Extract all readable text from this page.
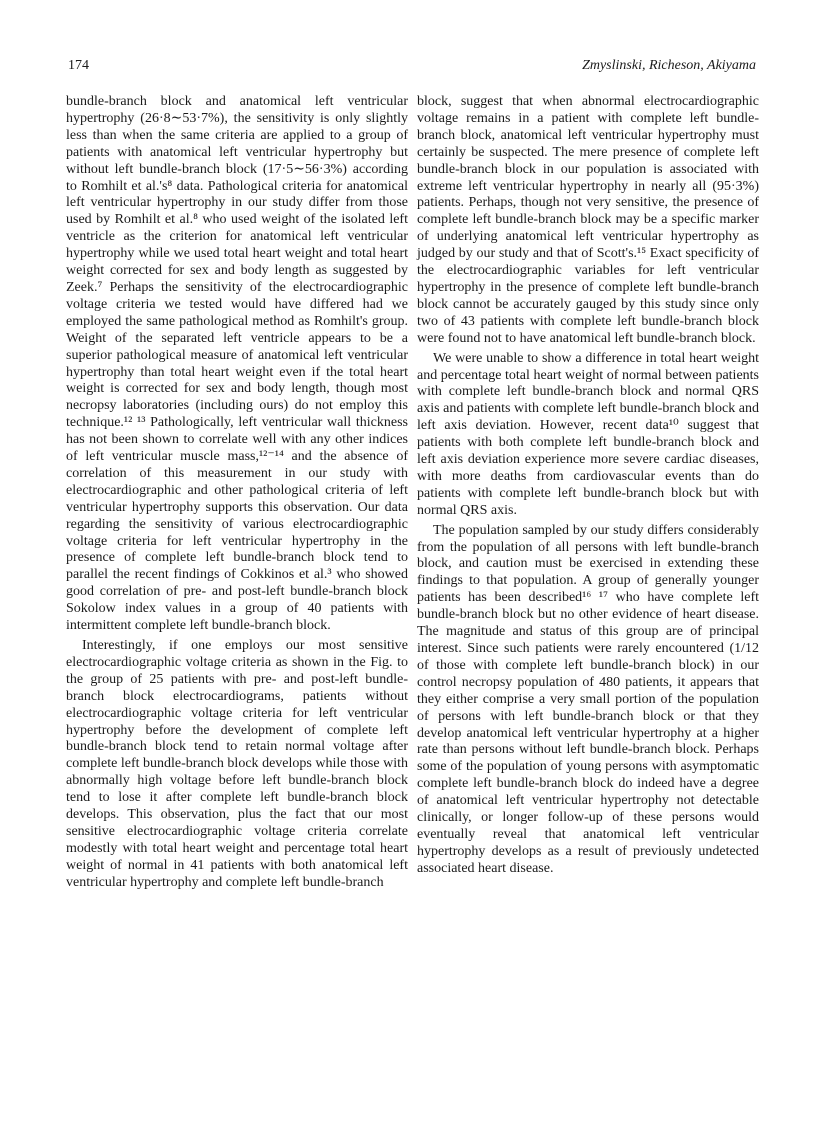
174	Zmyslinski, Richeson, Akiyama

bundle-branch block and anatomical left ventricular hypertrophy (26·8∼53·7%), the sensitivity is only slightly less than when the same criteria are applied to a group of patients with anatomical left ventricular hypertrophy but without left bundle-branch block (17·5∼56·3%) according to Romhilt et al.'s⁸ data. Pathological criteria for anatomical left ventricular hypertrophy in our study differ from those used by Romhilt et al.⁸ who used weight of the isolated left ventricle as the criterion for anatomical left ventricular hypertrophy while we used total heart weight and total heart weight corrected for sex and body length as suggested by Zeek.⁷ Perhaps the sensitivity of the electrocardiographic voltage criteria we tested would have differed had we employed the same pathological method as Romhilt's group. Weight of the separated left ventricle appears to be a superior pathological measure of anatomical left ventricular hypertrophy than total heart weight even if the total heart weight is corrected for sex and body length, though most necropsy laboratories (including ours) do not employ this technique.¹² ¹³ Pathologically, left ventricular wall thickness has not been shown to correlate well with any other indices of left ventricular muscle mass,¹²⁻¹⁴ and the absence of correlation of this measurement in our study with electrocardiographic and other pathological criteria of left ventricular hypertrophy supports this observation. Our data regarding the sensitivity of various electrocardiographic voltage criteria for left ventricular hypertrophy in the presence of complete left bundle-branch block tend to parallel the recent findings of Cokkinos et al.³ who showed good correlation of pre- and post-left bundle-branch block Sokolow index values in a group of 40 patients with intermittent complete left bundle-branch block.

Interestingly, if one employs our most sensitive electrocardiographic voltage criteria as shown in the Fig. to the group of 25 patients with pre- and post-left bundle-branch block electrocardiograms, patients without electrocardiographic voltage criteria for left ventricular hypertrophy before the development of complete left bundle-branch block tend to retain normal voltage after complete left bundle-branch block develops while those with abnormally high voltage before left bundle-branch block tend to lose it after complete left bundle-branch block develops. This observation, plus the fact that our most sensitive electrocardiographic voltage criteria correlate modestly with total heart weight and percentage total heart weight of normal in 41 patients with both anatomical left ventricular hypertrophy and complete left bundle-branch

block, suggest that when abnormal electrocardiographic voltage remains in a patient with complete left bundle-branch block, anatomical left ventricular hypertrophy must certainly be suspected. The mere presence of complete left bundle-branch block in our population is associated with extreme left ventricular hypertrophy in nearly all (95·3%) patients. Perhaps, though not very sensitive, the presence of complete left bundle-branch block may be a specific marker of underlying anatomical left ventricular hypertrophy as judged by our study and that of Scott's.¹⁵ Exact specificity of the electrocardiographic variables for left ventricular hypertrophy in the presence of complete left bundle-branch block cannot be accurately gauged by this study since only two of 43 patients with complete left bundle-branch block were found not to have anatomical left bundle-branch block.

We were unable to show a difference in total heart weight and percentage total heart weight of normal between patients with complete left bundle-branch block and normal QRS axis and patients with complete left bundle-branch block and left axis deviation. However, recent data¹⁰ suggest that patients with both complete left bundle-branch block and left axis deviation experience more severe cardiac diseases, with more deaths from cardiovascular events than do patients with complete left bundle-branch block but with normal QRS axis.

The population sampled by our study differs considerably from the population of all persons with left bundle-branch block, and caution must be exercised in extending these findings to that population. A group of generally younger patients has been described¹⁶ ¹⁷ who have complete left bundle-branch block but no other evidence of heart disease. The magnitude and status of this group are of principal interest. Since such patients were rarely encountered (1/12 of those with complete left bundle-branch block) in our control necropsy population of 480 patients, it appears that they either comprise a very small portion of the population of persons with left bundle-branch block or that they develop anatomical left ventricular hypertrophy at a higher rate than persons without left bundle-branch block. Perhaps some of the population of young persons with asymptomatic complete left bundle-branch block do indeed have a degree of anatomical left ventricular hypertrophy not detectable clinically, or longer follow-up of these persons would eventually reveal that anatomical left ventricular hypertrophy develops as a result of previously undetected associated heart disease.
